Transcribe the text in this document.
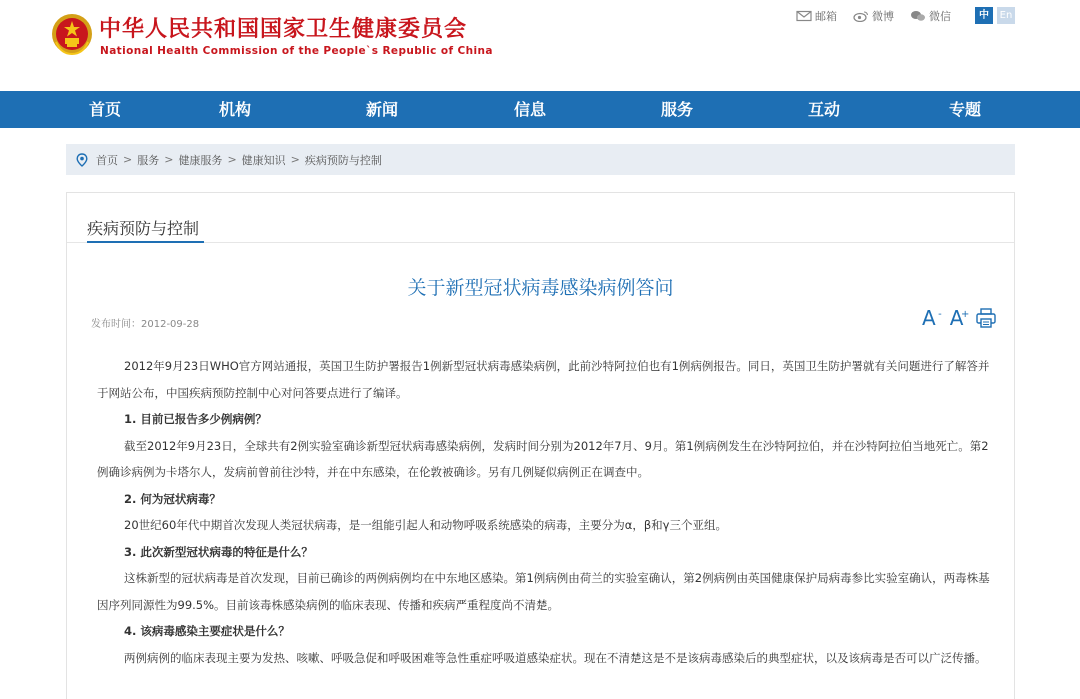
中华人民共和国国家卫生健康委员会
National Health Commission of the People`s Republic of China
邮箱	微博	微信	中	En
首页	机构	新闻	信息	服务	互动	专题
首页 > 服务 > 健康服务 > 健康知识 > 疾病预防与控制
疾病预防与控制
关于新型冠状病毒感染病例答问
发布时间：2012-09-28	A - A
+

2012年9月23日WHO官方网站通报，英国卫生防护署报告1例新型冠状病毒感染病例，此前沙特阿拉伯也有1例病例报告。同日，英国卫生防护署就有关问题进行了解答并于网站公布，中国疾病预防控制中心对问答要点进行了编译。

1. 目前已报告多少例病例？

截至2012年9月23日，全球共有2例实验室确诊新型冠状病毒感染病例，发病时间分别为2012年7月、9月。第1例病例发生在沙特阿拉伯，并在沙特阿拉伯当地死亡。第2例确诊病例为卡塔尔人，发病前曾前往沙特，并在中东感染，在伦敦被确诊。另有几例疑似病例正在调查中。

2. 何为冠状病毒？

20世纪60年代中期首次发现人类冠状病毒，是一组能引起人和动物呼吸系统感染的病毒，主要分为α，β和γ三个亚组。

3. 此次新型冠状病毒的特征是什么？

这株新型的冠状病毒是首次发现，目前已确诊的两例病例均在中东地区感染。第1例病例由荷兰的实验室确认，第2例病例由英国健康保护局病毒参比实验室确认，两毒株基因序列同源性为99.5%。目前该毒株感染病例的临床表现、传播和疾病严重程度尚不清楚。

4. 该病毒感染主要症状是什么？

两例病例的临床表现主要为发热、咳嗽、呼吸急促和呼吸困难等急性重症呼吸道感染症状。现在不清楚这是不是该病毒感染后的典型症状，以及该病毒是否可以广泛传播。
